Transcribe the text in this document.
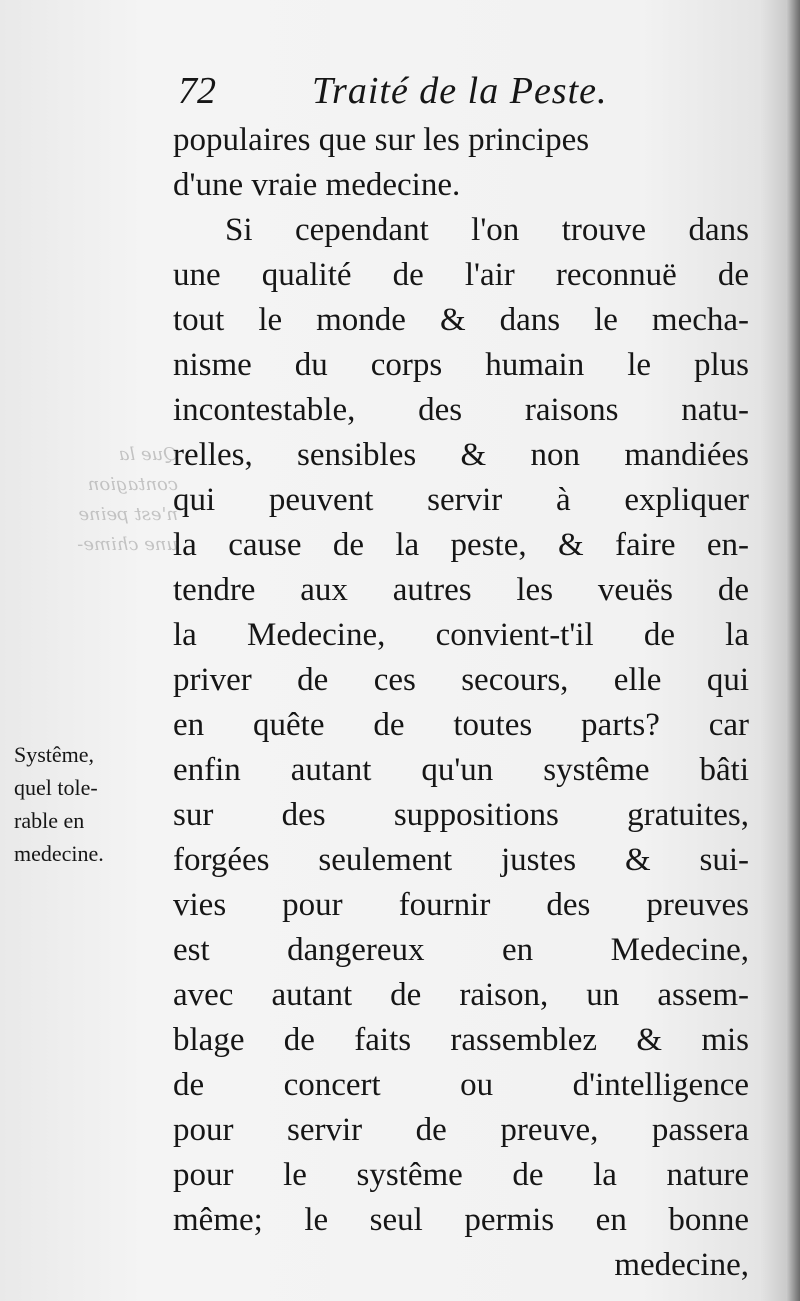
Que la
contagion
n'est peine
une chime-
72	Traité de la Peste.
populaires que sur les principes
d'une vraie medecine.
Si cependant l'on trouve dans
une qualité de l'air reconnuë de
tout le monde & dans le mecha-
nisme du corps humain le plus
incontestable, des raisons natu-
relles, sensibles & non mandiées
qui peuvent servir à expliquer
la cause de la peste, & faire en-
tendre aux autres les veuës de
la Medecine, convient-t'il de la
priver de ces secours, elle qui
en quête de toutes parts? car
enfin autant qu'un systême bâti
sur des suppositions gratuites,
forgées seulement justes & sui-
vies pour fournir des preuves
est dangereux en Medecine,
avec autant de raison, un assem-
blage de faits rassemblez & mis
de concert ou d'intelligence
pour servir de preuve, passera
pour le systême de la nature
même; le seul permis en bonne
medecine,
Systême,
quel tole-
rable en
medecine.
